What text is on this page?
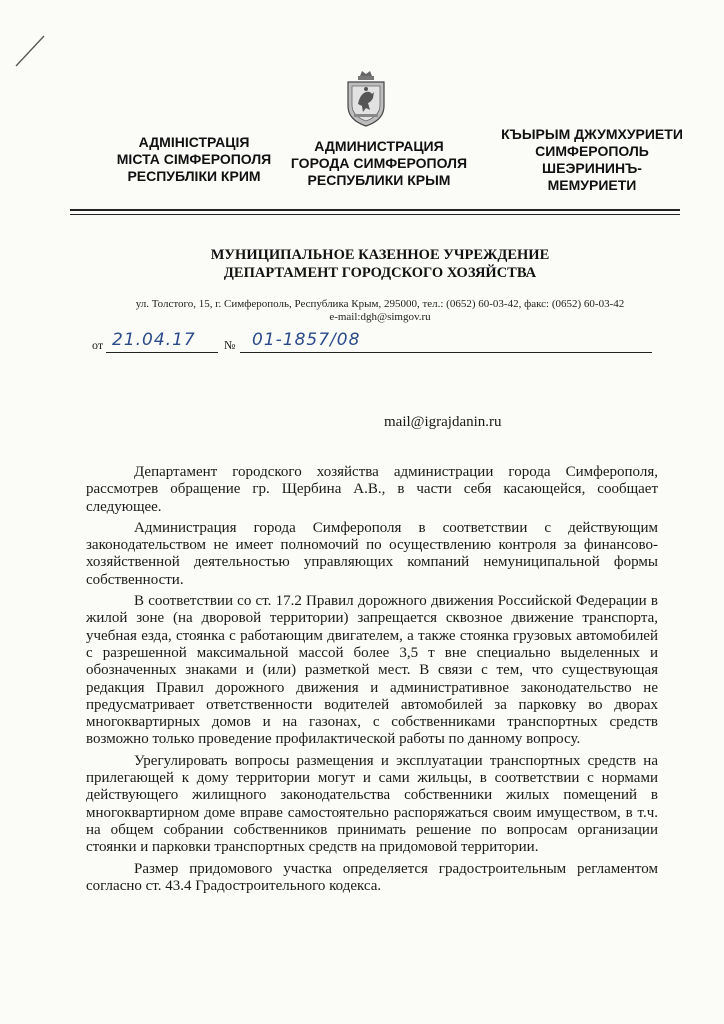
АДМІНІСТРАЦІЯ
МІСТА СІМФЕРОПОЛЯ
РЕСПУБЛІКИ КРИМ
АДМИНИСТРАЦИЯ
ГОРОДА СИМФЕРОПОЛЯ
РЕСПУБЛИКИ КРЫМ
КЪЫРЫМ ДЖУМХУРИЕТИ
СИМФЕРОПОЛЬ
ШЕЭРИНИНЪ-
МЕМУРИЕТИ
МУНИЦИПАЛЬНОЕ КАЗЕННОЕ УЧРЕЖДЕНИЕ
ДЕПАРТАМЕНТ ГОРОДСКОГО ХОЗЯЙСТВА
ул. Толстого, 15, г. Симферополь, Республика Крым, 295000, тел.: (0652) 60-03-42, факс: (0652) 60-03-42
e-mail:dgh@simgov.ru
от 21.04.17 № 01-1857/08
mail@igrajdanin.ru

Департамент городского хозяйства администрации города Симферополя, рассмотрев обращение гр. Щербина А.В., в части себя касающейся, сообщает следующее.

Администрация города Симферополя в соответствии с действующим законодательством не имеет полномочий по осуществлению контроля за финансово-хозяйственной деятельностью управляющих компаний немуниципальной формы собственности.

В соответствии со ст. 17.2 Правил дорожного движения Российской Федерации в жилой зоне (на дворовой территории) запрещается сквозное движение транспорта, учебная езда, стоянка с работающим двигателем, а также стоянка грузовых автомобилей с разрешенной максимальной массой более 3,5 т вне специально выделенных и обозначенных знаками и (или) разметкой мест. В связи с тем, что существующая редакция Правил дорожного движения и административное законодательство не предусматривает ответственности водителей автомобилей за парковку во дворах многоквартирных домов и на газонах, с собственниками транспортных средств возможно только проведение профилактической работы по данному вопросу.

Урегулировать вопросы размещения и эксплуатации транспортных средств на прилегающей к дому территории могут и сами жильцы, в соответствии с нормами действующего жилищного законодательства собственники жилых помещений в многоквартирном доме вправе самостоятельно распоряжаться своим имуществом, в т.ч. на общем собрании собственников принимать решение по вопросам организации стоянки и парковки транспортных средств на придомовой территории.

Размер придомового участка определяется градостроительным регламентом согласно ст. 43.4 Градостроительного кодекса.
